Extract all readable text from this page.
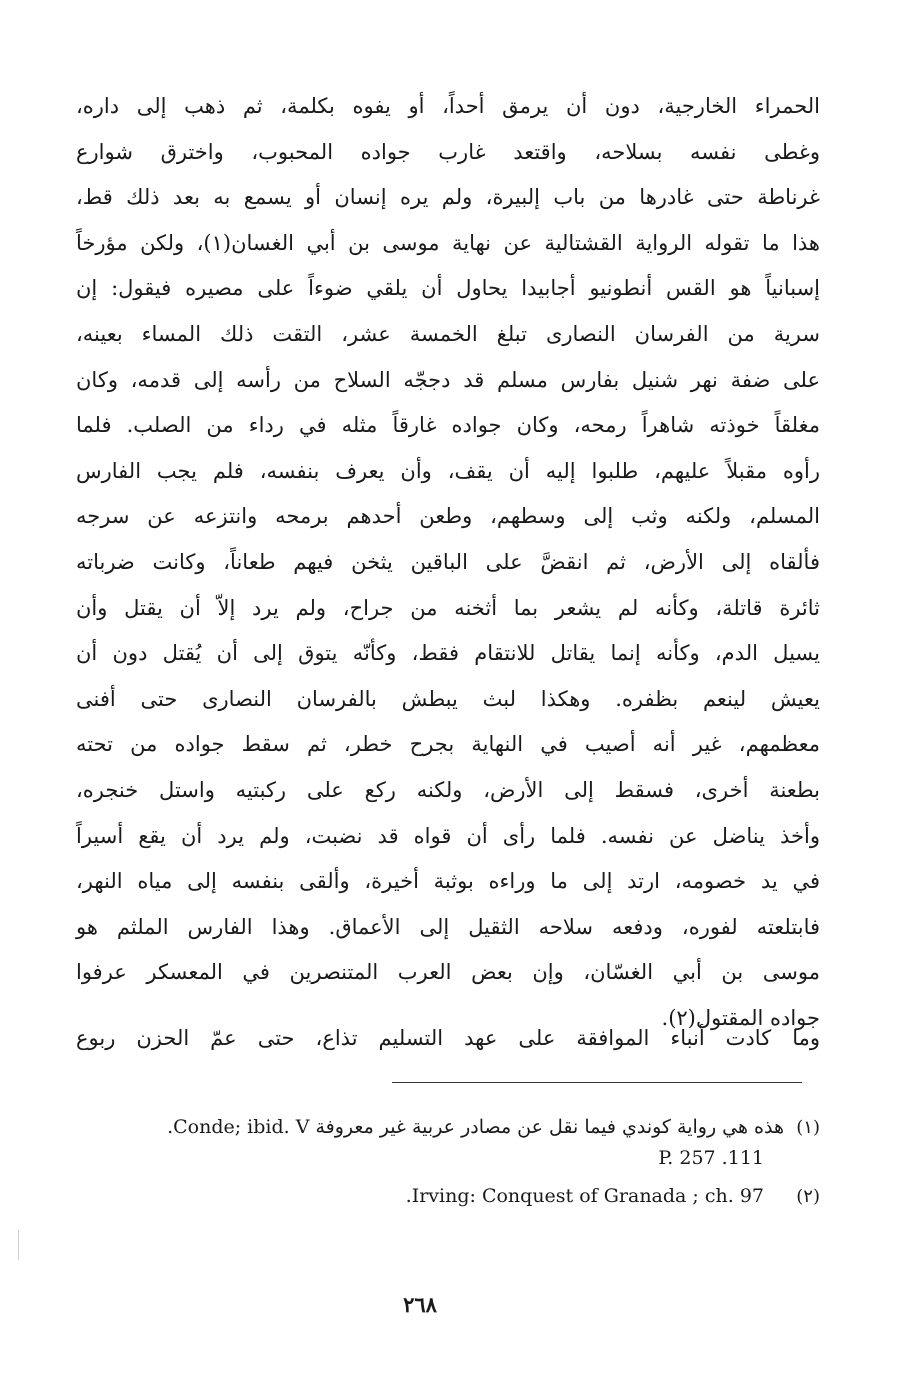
الحمراء الخارجية، دون أن يرمق أحداً، أو يفوه بكلمة، ثم ذهب إلى داره،
وغطى نفسه بسلاحه، واقتعد غارب جواده المحبوب، واخترق شوارع
غرناطة حتى غادرها من باب إلبيرة، ولم يره إنسان أو يسمع به بعد ذلك قط،
هذا ما تقوله الرواية القشتالية عن نهاية موسى بن أبي الغسان(١)، ولكن مؤرخاً
إسبانياً هو القس أنطونيو أجابيدا يحاول أن يلقي ضوءاً على مصيره فيقول: إن
سرية من الفرسان النصارى تبلغ الخمسة عشر، التقت ذلك المساء بعينه،
على ضفة نهر شنيل بفارس مسلم قد دججّه السلاح من رأسه إلى قدمه، وكان
مغلقاً خوذته شاهراً رمحه، وكان جواده غارقاً مثله في رداء من الصلب. فلما
رأوه مقبلاً عليهم، طلبوا إليه أن يقف، وأن يعرف بنفسه، فلم يجب الفارس
المسلم، ولكنه وثب إلى وسطهم، وطعن أحدهم برمحه وانتزعه عن سرجه
فألقاه إلى الأرض، ثم انقضَّ على الباقين يثخن فيهم طعاناً، وكانت ضرباته
ثائرة قاتلة، وكأنه لم يشعر بما أثخنه من جراح، ولم يرد إلاّ أن يقتل وأن
يسيل الدم، وكأنه إنما يقاتل للانتقام فقط، وكأنّه يتوق إلى أن يُقتل دون أن
يعيش لينعم بظفره. وهكذا لبث يبطش بالفرسان النصارى حتى أفنى
معظمهم، غير أنه أصيب في النهاية بجرح خطر، ثم سقط جواده من تحته
بطعنة أخرى، فسقط إلى الأرض، ولكنه ركع على ركبتيه واستل خنجره،
وأخذ يناضل عن نفسه. فلما رأى أن قواه قد نضبت، ولم يرد أن يقع أسيراً
في يد خصومه، ارتد إلى ما وراءه بوثبة أخيرة، وألقى بنفسه إلى مياه النهر،
فابتلعته لفوره، ودفعه سلاحه الثقيل إلى الأعماق. وهذا الفارس الملثم هو
موسى بن أبي الغسّان، وإن بعض العرب المتنصرين في المعسكر عرفوا
جواده المقتول(٢).
وما كادت أنباء الموافقة على عهد التسليم تذاع، حتى عمّ الحزن ربوع
(١)
هذه هي رواية كوندي فيما نقل عن مصادر عربية غير معروفة Conde; ibid. V.
111. P. 257
(٢)
Irving: Conquest of Granada ; ch. 97.
٢٦٨
